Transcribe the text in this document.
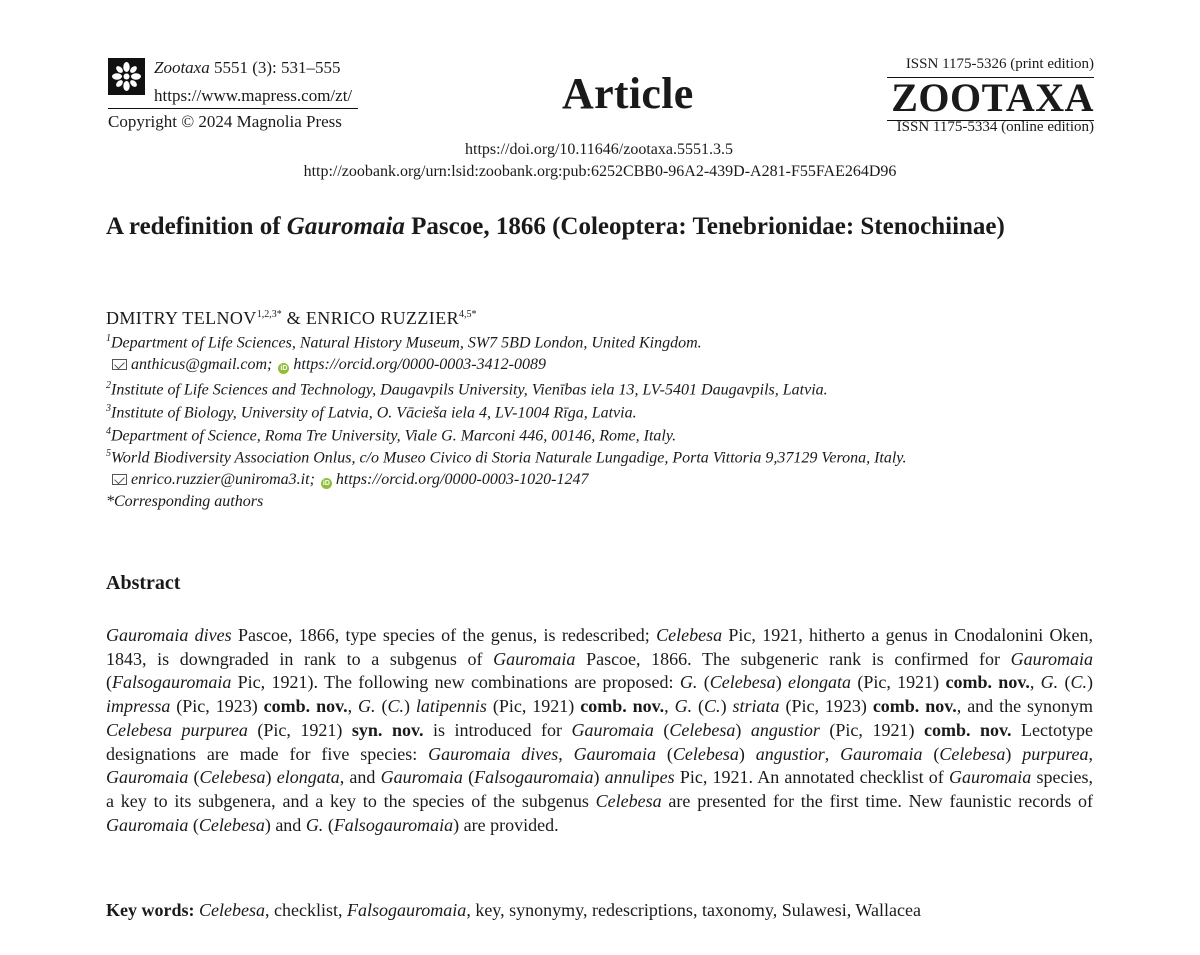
Zootaxa 5551 (3): 531–555
https://www.mapress.com/zt/
Copyright © 2024 Magnolia Press
Article
ISSN 1175-5326 (print edition)
ZOOTAXA
ISSN 1175-5334 (online edition)
https://doi.org/10.11646/zootaxa.5551.3.5
http://zoobank.org/urn:lsid:zoobank.org:pub:6252CBB0-96A2-439D-A281-F55FAE264D96
A redefinition of Gauromaia Pascoe, 1866 (Coleoptera: Tenebrionidae: Stenochiinae)
DMITRY $TELNOV^{1,2,3*}$ & ENRICO $RUZZIER^{4,5*}$
$^1$Department of Life Sciences, Natural History Museum, SW7 5BD London, United Kingdom.
anthicus@gmail.com; iD https://orcid.org/0000-0003-3412-0089
$^2$Institute of Life Sciences and Technology, Daugavpils University, Vienības iela 13, LV-5401 Daugavpils, Latvia.
$^3$Institute of Biology, University of Latvia, O. Vācieša iela 4, LV-1004 Rīga, Latvia.
$^4$Department of Science, Roma Tre University, Viale G. Marconi 446, 00146, Rome, Italy.
$^5$World Biodiversity Association Onlus, c/o Museo Civico di Storia Naturale Lungadige, Porta Vittoria 9,37129 Verona, Italy.
enrico.ruzzier@uniroma3.it; iD https://orcid.org/0000-0003-1020-1247
*Corresponding authors
Abstract
Gauromaia dives Pascoe, 1866, type species of the genus, is redescribed; Celebesa Pic, 1921, hitherto a genus in Cnodalonini Oken, 1843, is downgraded in rank to a subgenus of Gauromaia Pascoe, 1866. The subgeneric rank is confirmed for Gauromaia (Falsogauromaia Pic, 1921). The following new combinations are proposed: G. (Celebesa) elongata (Pic, 1921) comb. nov., G. (C.) impressa (Pic, 1923) comb. nov., G. (C.) latipennis (Pic, 1921) comb. nov., G. (C.) striata (Pic, 1923) comb. nov., and the synonym Celebesa purpurea (Pic, 1921) syn. nov. is introduced for Gauromaia (Celebesa) angustior (Pic, 1921) comb. nov. Lectotype designations are made for five species: Gauromaia dives, Gauromaia (Celebesa) angustior, Gauromaia (Celebesa) purpurea, Gauromaia (Celebesa) elongata, and Gauromaia (Falsogauromaia) annulipes Pic, 1921. An annotated checklist of Gauromaia species, a key to its subgenera, and a key to the species of the subgenus Celebesa are presented for the first time. New faunistic records of Gauromaia (Celebesa) and G. (Falsogauromaia) are provided.
Key words: Celebesa, checklist, Falsogauromaia, key, synonymy, redescriptions, taxonomy, Sulawesi, Wallacea
